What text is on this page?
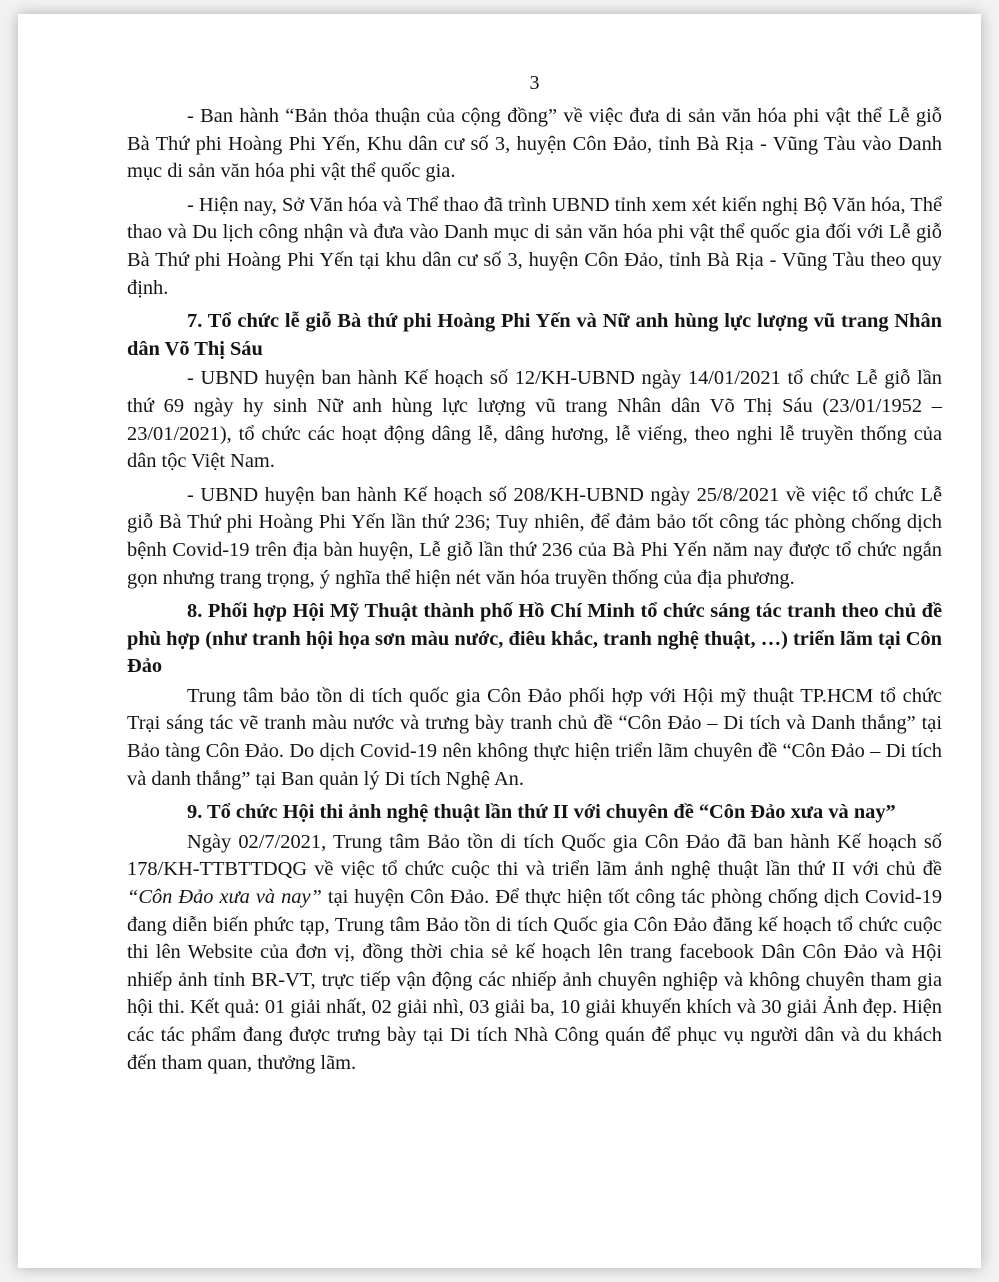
3

- Ban hành “Bản thỏa thuận của cộng đồng” về việc đưa di sản văn hóa phi vật thể Lễ giỗ Bà Thứ phi Hoàng Phi Yến, Khu dân cư số 3, huyện Côn Đảo, tỉnh Bà Rịa - Vũng Tàu vào Danh mục di sản văn hóa phi vật thể quốc gia.

- Hiện nay, Sở Văn hóa và Thể thao đã trình UBND tỉnh xem xét kiến nghị Bộ Văn hóa, Thể thao và Du lịch công nhận và đưa vào Danh mục di sản văn hóa phi vật thể quốc gia đối với Lễ giỗ Bà Thứ phi Hoàng Phi Yến tại khu dân cư số 3, huyện Côn Đảo, tỉnh Bà Rịa - Vũng Tàu theo quy định.

7. Tổ chức lễ giỗ Bà thứ phi Hoàng Phi Yến và Nữ anh hùng lực lượng vũ trang Nhân dân Võ Thị Sáu

- UBND huyện ban hành Kế hoạch số 12/KH-UBND ngày 14/01/2021 tổ chức Lễ giỗ lần thứ 69 ngày hy sinh Nữ anh hùng lực lượng vũ trang Nhân dân Võ Thị Sáu (23/01/1952 – 23/01/2021), tổ chức các hoạt động dâng lễ, dâng hương, lễ viếng, theo nghi lễ truyền thống của dân tộc Việt Nam.

- UBND huyện ban hành Kế hoạch số 208/KH-UBND ngày 25/8/2021 về việc tổ chức Lễ giỗ Bà Thứ phi Hoàng Phi Yến lần thứ 236; Tuy nhiên, để đảm bảo tốt công tác phòng chống dịch bệnh Covid-19 trên địa bàn huyện, Lễ giỗ lần thứ 236 của Bà Phi Yến năm nay được tổ chức ngắn gọn nhưng trang trọng, ý nghĩa thể hiện nét văn hóa truyền thống của địa phương.

8. Phối hợp Hội Mỹ Thuật thành phố Hồ Chí Minh tổ chức sáng tác tranh theo chủ đề phù hợp (như tranh hội họa sơn màu nước, điêu khắc, tranh nghệ thuật, …) triển lãm tại Côn Đảo

Trung tâm bảo tồn di tích quốc gia Côn Đảo phối hợp với Hội mỹ thuật TP.HCM tổ chức Trại sáng tác vẽ tranh màu nước và trưng bày tranh chủ đề “Côn Đảo – Di tích và Danh thắng” tại Bảo tàng Côn Đảo. Do dịch Covid-19 nên không thực hiện triển lãm chuyên đề “Côn Đảo – Di tích và danh thắng” tại Ban quản lý Di tích Nghệ An.

9. Tổ chức Hội thi ảnh nghệ thuật lần thứ II với chuyên đề “Côn Đảo xưa và nay”

Ngày 02/7/2021, Trung tâm Bảo tồn di tích Quốc gia Côn Đảo đã ban hành Kế hoạch số 178/KH-TTBTTDQG về việc tổ chức cuộc thi và triển lãm ảnh nghệ thuật lần thứ II với chủ đề “Côn Đảo xưa và nay” tại huyện Côn Đảo. Để thực hiện tốt công tác phòng chống dịch Covid-19 đang diễn biến phức tạp, Trung tâm Bảo tồn di tích Quốc gia Côn Đảo đăng kế hoạch tổ chức cuộc thi lên Website của đơn vị, đồng thời chia sẻ kế hoạch lên trang facebook Dân Côn Đảo và Hội nhiếp ảnh tỉnh BR-VT, trực tiếp vận động các nhiếp ảnh chuyên nghiệp và không chuyên tham gia hội thi. Kết quả: 01 giải nhất, 02 giải nhì, 03 giải ba, 10 giải khuyến khích và 30 giải Ảnh đẹp. Hiện các tác phẩm đang được trưng bày tại Di tích Nhà Công quán để phục vụ người dân và du khách đến tham quan, thưởng lãm.
